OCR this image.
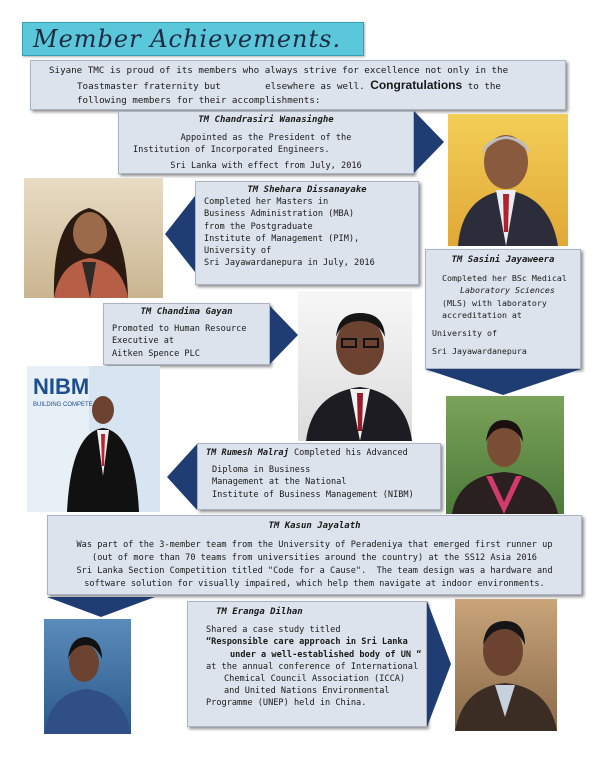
Member Achievements.
Siyane TMC is proud of its members who always strive for excellence not only in the
Toastmaster fraternity but        elsewhere as well. Congratulations to the
following members for their accomplishments:
TM Chandrasiri Wanasinghe
Appointed as the President of the
Institution of Incorporated Engineers.
Sri Lanka with effect from July, 2016
TM Shehara Dissanayake
Completed her Masters in
Business Administration (MBA)
from the Postgraduate
Institute of Management (PIM),
University of
Sri Jayawardanepura in July, 2016	TM Sasini Jayaweera
Completed her BSc Medical
Laboratory Sciences
(MLS) with laboratory
accreditation at
University of
Sri Jayawardanepura
TM Chandima Gayan
Promoted to Human Resource
Executive at
Aitken Spence PLC
NIBM
BUILDING COMPETE
TM Rumesh Malraj Completed his Advanced
Diploma in Business
Management at the National
Institute of Business Management (NIBM)
TM Kasun Jayalath
Was part of the 3-member team from the University of Peradeniya that emerged first runner up
(out of more than 70 teams from universities around the country) at the SS12 Asia 2016
Sri Lanka Section Competition titled "Code for a Cause".  The team design was a hardware and
software solution for visually impaired, which help them navigate at indoor environments.
TM Eranga Dilhan
Shared a case study titled
“Responsible care approach in Sri Lanka
under a well-established body of UN “
at the annual conference of International
Chemical Council Association (ICCA)
and United Nations Environmental
Programme (UNEP) held in China.
